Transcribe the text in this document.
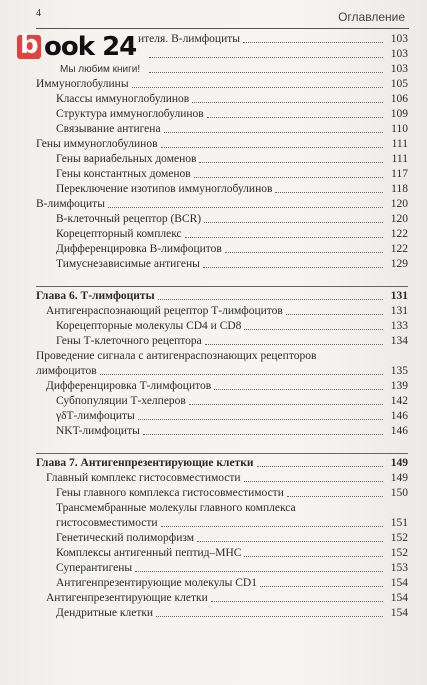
4	Оглавление
ителя. В-лимфоциты	103
103
103
Иммуноглобулины	105
Классы иммуноглобулинов	106
Структура иммуноглобулинов	109
Связывание антигена	110
Гены иммуноглобулинов	111
Гены вариабельных доменов	111
Гены константных доменов	117
Переключение изотипов иммуноглобулинов	118
В-лимфоциты	120
В-клеточный рецептор (BCR)	120
Корецепторный комплекс	122
Дифференцировка В-лимфоцитов	122
Тимуснезависимые антигены	129
Глава 6. Т-лимфоциты	131
Антигенраспознающий рецептор Т-лимфоцитов	131
Корецепторные молекулы CD4 и CD8	133
Гены Т-клеточного рецептора	134
Проведение сигнала с антигенраспознающих рецепторов
лимфоцитов	135
Дифференцировка Т-лимфоцитов	139
Субпопуляции Т-хелперов	142
γδТ-лимфоциты	146
NKT-лимфоциты	146
Глава 7. Антигенпрезентирующие клетки	149
Главный комплекс гистосовместимости	149
Гены главного комплекса гистосовместимости	150
Трансмембранные молекулы главного комплекса
гистосовместимости	151
Генетический полиморфизм	152
Комплексы антигенный пептид–МНС	152
Суперантигены	153
Антигенпрезентирующие молекулы CD1	154
Антигенпрезентирующие клетки	154
Дендритные клетки	154
b ook 24
Мы любим книги!
